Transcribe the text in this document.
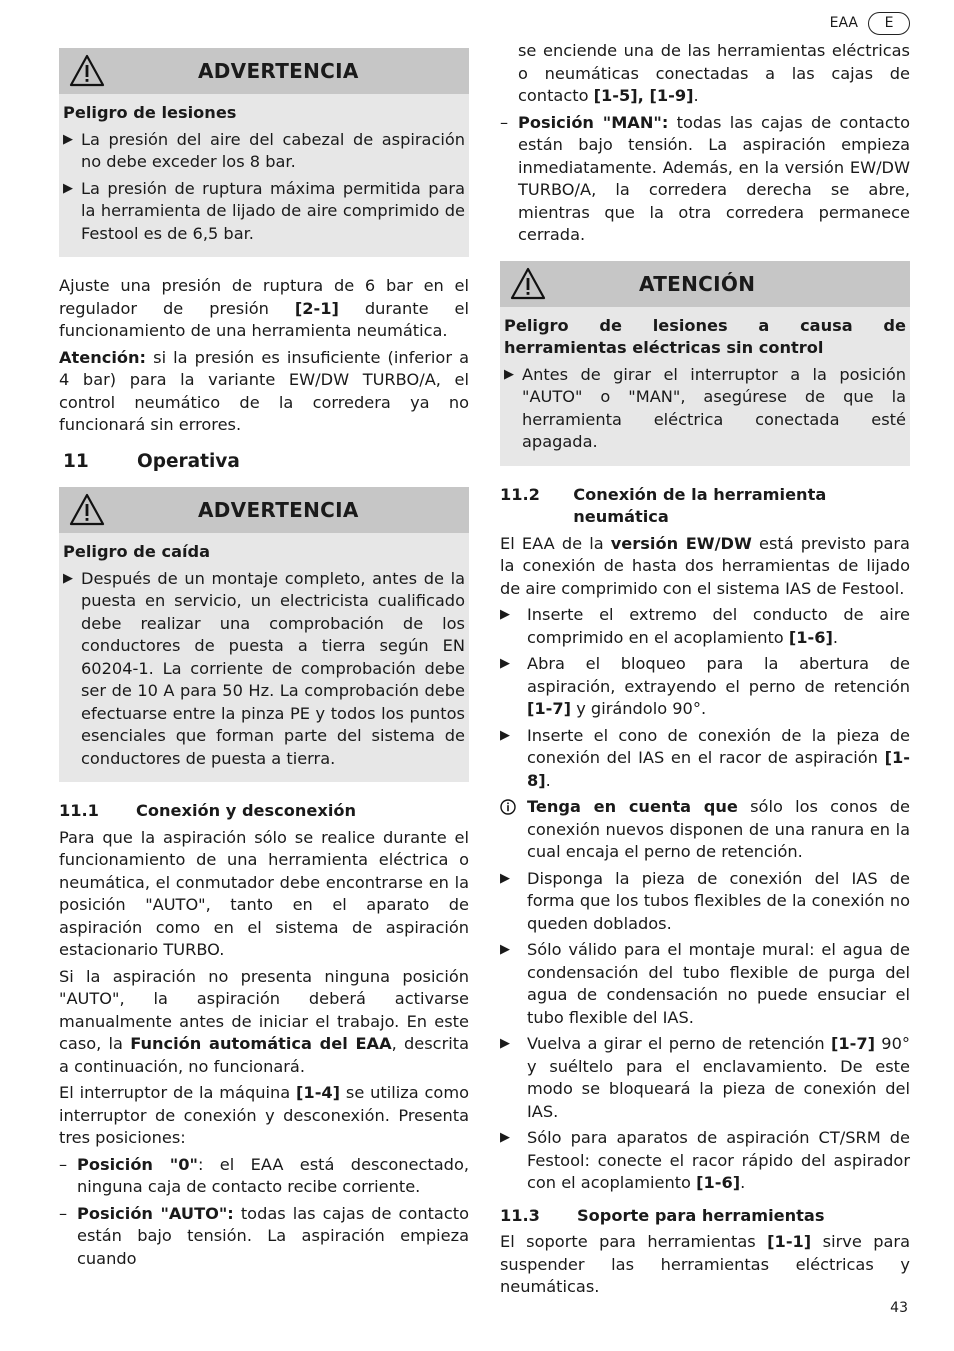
EAA	E
ADVERTENCIA
Peligro de lesiones
▶ La presión del aire del cabezal de aspiración no debe exceder los 8 bar.
▶ La presión de ruptura máxima permitida para la herramienta de lijado de aire comprimido de Festool es de 6,5 bar.

Ajuste una presión de ruptura de 6 bar en el regulador de presión [2-1] durante el funcionamiento de una herramienta neumática.

Atención: si la presión es insuficiente (inferior a 4 bar) para la variante EW/DW TURBO/A, el control neumático de la corredera ya no funcionará sin errores.

11	Operativa
ADVERTENCIA
Peligro de caída
▶ Después de un montaje completo, antes de la puesta en servicio, un electricista cualificado debe realizar una comprobación de los conductores de puesta a tierra según EN 60204-1. La corriente de comprobación debe ser de 10 A para 50 Hz. La comprobación debe efectuarse entre la pinza PE y todos los puntos esenciales que forman parte del sistema de conductores de puesta a tierra.
11.1	Conexión y desconexión

Para que la aspiración sólo se realice durante el funcionamiento de una herramienta eléctrica o neumática, el conmutador debe encontrarse en la posición "AUTO", tanto en el aparato de aspiración como en el sistema de aspiración estacionario TURBO.

Si la aspiración no presenta ninguna posición "AUTO", la aspiración deberá activarse manualmente antes de iniciar el trabajo. En este caso, la Función automática del EAA, descrita a continuación, no funcionará.

El interruptor de la máquina [1-4] se utiliza como interruptor de conexión y desconexión. Presenta tres posiciones:

– Posición "0": el EAA está desconectado, ninguna caja de contacto recibe corriente.
– Posición "AUTO": todas las cajas de contacto están bajo tensión. La aspiración empieza cuando
se enciende una de las herramientas eléctricas o neumáticas conectadas a las cajas de contacto [1-5], [1-9].
– Posición "MAN": todas las cajas de contacto están bajo tensión. La aspiración empieza inmediatamente. Además, en la versión EW/DW TURBO/A, la corredera derecha se abre, mientras que la otra corredera permanece cerrada.
ATENCIÓN
Peligro de lesiones a causa de herramientas eléctricas sin control
▶ Antes de girar el interruptor a la posición "AUTO" o "MAN", asegúrese de que la herramienta eléctrica conectada esté apagada.
11.2	Conexión de la herramienta neumática

El EAA de la versión EW/DW está previsto para la conexión de hasta dos herramientas de lijado de aire comprimido con el sistema IAS de Festool.

▶	Inserte el extremo del conducto de aire comprimido en el acoplamiento [1-6].
▶	Abra el bloqueo para la abertura de aspiración, extrayendo el perno de retención [1-7] y girándolo 90°.
▶	Inserte el cono de conexión de la pieza de conexión del IAS en el racor de aspiración [1-8].
Tenga en cuenta que sólo los conos de conexión nuevos disponen de una ranura en la cual encaja el perno de retención.
▶	Disponga la pieza de conexión del IAS de forma que los tubos flexibles de la conexión no queden doblados.
▶	Sólo válido para el montaje mural: el agua de condensación del tubo flexible de purga del agua de condensación no puede ensuciar el tubo flexible del IAS.
▶	Vuelva a girar el perno de retención [1-7] 90° y suéltelo para el enclavamiento. De este modo se bloqueará la pieza de conexión del IAS.
▶	Sólo para aparatos de aspiración CT/SRM de Festool: conecte el racor rápido del aspirador con el acoplamiento [1-6].
11.3	Soporte para herramientas

El soporte para herramientas [1-1] sirve para suspender las herramientas eléctricas y neumáticas.

43
